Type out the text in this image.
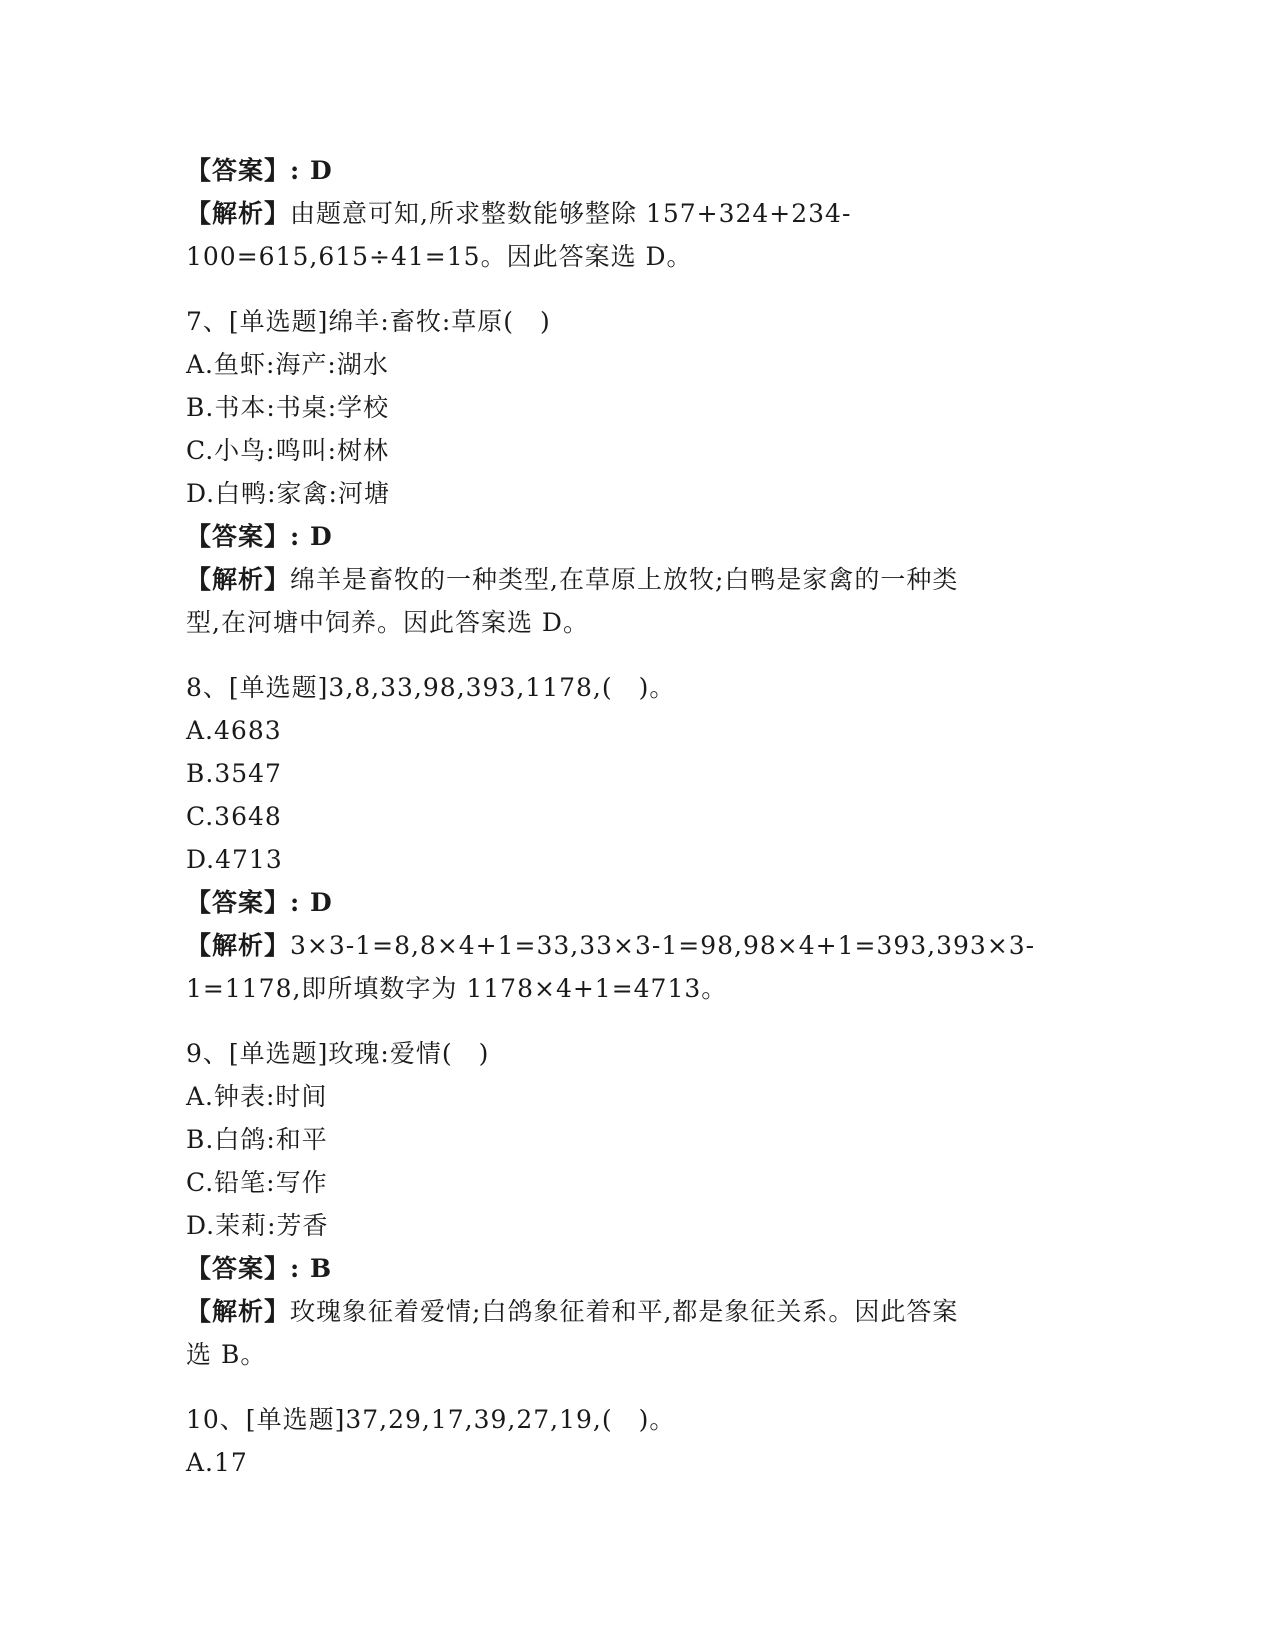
【答案】: D
【解析】由题意可知,所求整数能够整除 157+324+234-
100=615,615÷41=15。因此答案选 D。
7、[单选题]绵羊:畜牧:草原(　)
A.鱼虾:海产:湖水
B.书本:书桌:学校
C.小鸟:鸣叫:树林
D.白鸭:家禽:河塘
【答案】: D
【解析】绵羊是畜牧的一种类型,在草原上放牧;白鸭是家禽的一种类
型,在河塘中饲养。因此答案选 D。
8、[单选题]3,8,33,98,393,1178,(　)。
A.4683
B.3547
C.3648
D.4713
【答案】: D
【解析】3×3-1=8,8×4+1=33,33×3-1=98,98×4+1=393,393×3-
1=1178,即所填数字为 1178×4+1=4713。
9、[单选题]玫瑰:爱情(　)
A.钟表:时间
B.白鸽:和平
C.铅笔:写作
D.茉莉:芳香
【答案】: B
【解析】玫瑰象征着爱情;白鸽象征着和平,都是象征关系。因此答案
选 B。
10、[单选题]37,29,17,39,27,19,(　)。
A.17
